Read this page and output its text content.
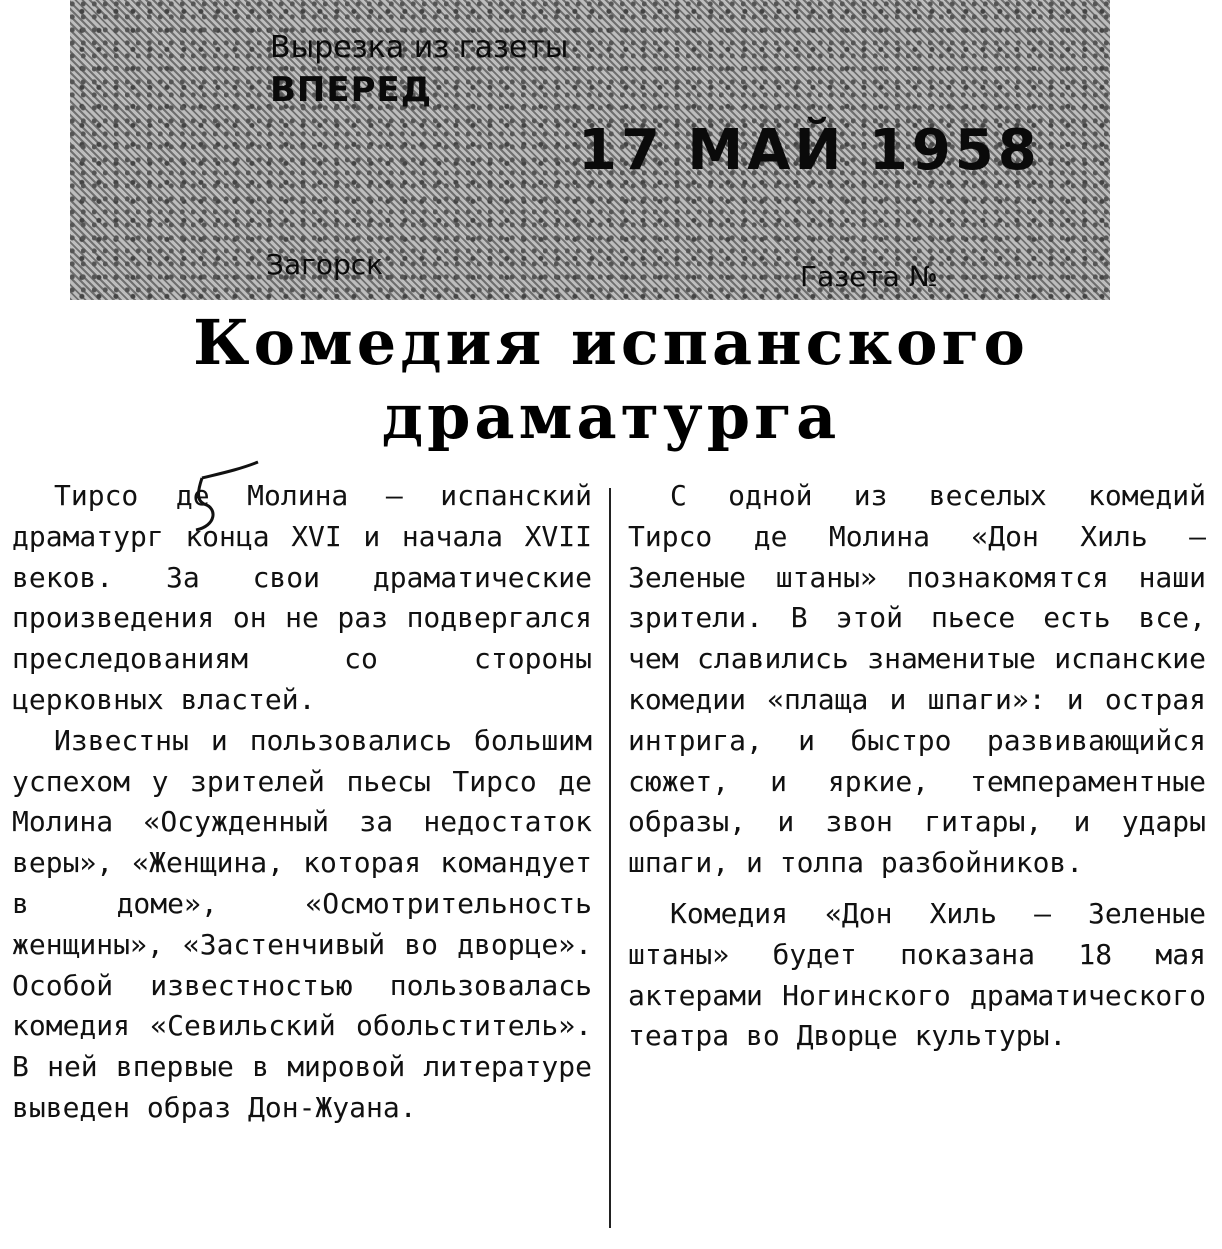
Вырезка из газеты
ВПЕРЕД
17 МАЙ 1958
Загорск	Газета №
Комедия испанского
драматурга

Тирсо де Молина — испанский драматург конца XVI и начала XVII веков. За свои драматические произведения он не раз подвергался преследованиям со стороны церковных властей.

Известны и пользовались большим успехом у зрителей пьесы Тирсо де Молина «Осужденный за недостаток веры», «Женщина, которая командует в доме», «Осмотрительность женщины», «Застенчивый во дворце». Особой известностью пользовалась комедия «Севильский обольститель». В ней впервые в мировой литературе выведен образ Дон-Жуана.

С одной из веселых комедий Тирсо де Молина «Дон Хиль — Зеленые штаны» познакомятся наши зрители. В этой пьесе есть все, чем славились знаменитые испанские комедии «плаща и шпаги»: и острая интрига, и быстро развивающийся сюжет, и яркие, темпераментные образы, и звон гитары, и удары шпаги, и толпа разбойников.

Комедия «Дон Хиль — Зеленые штаны» будет показана 18 мая актерами Ногинского драматического театра во Дворце культуры.
